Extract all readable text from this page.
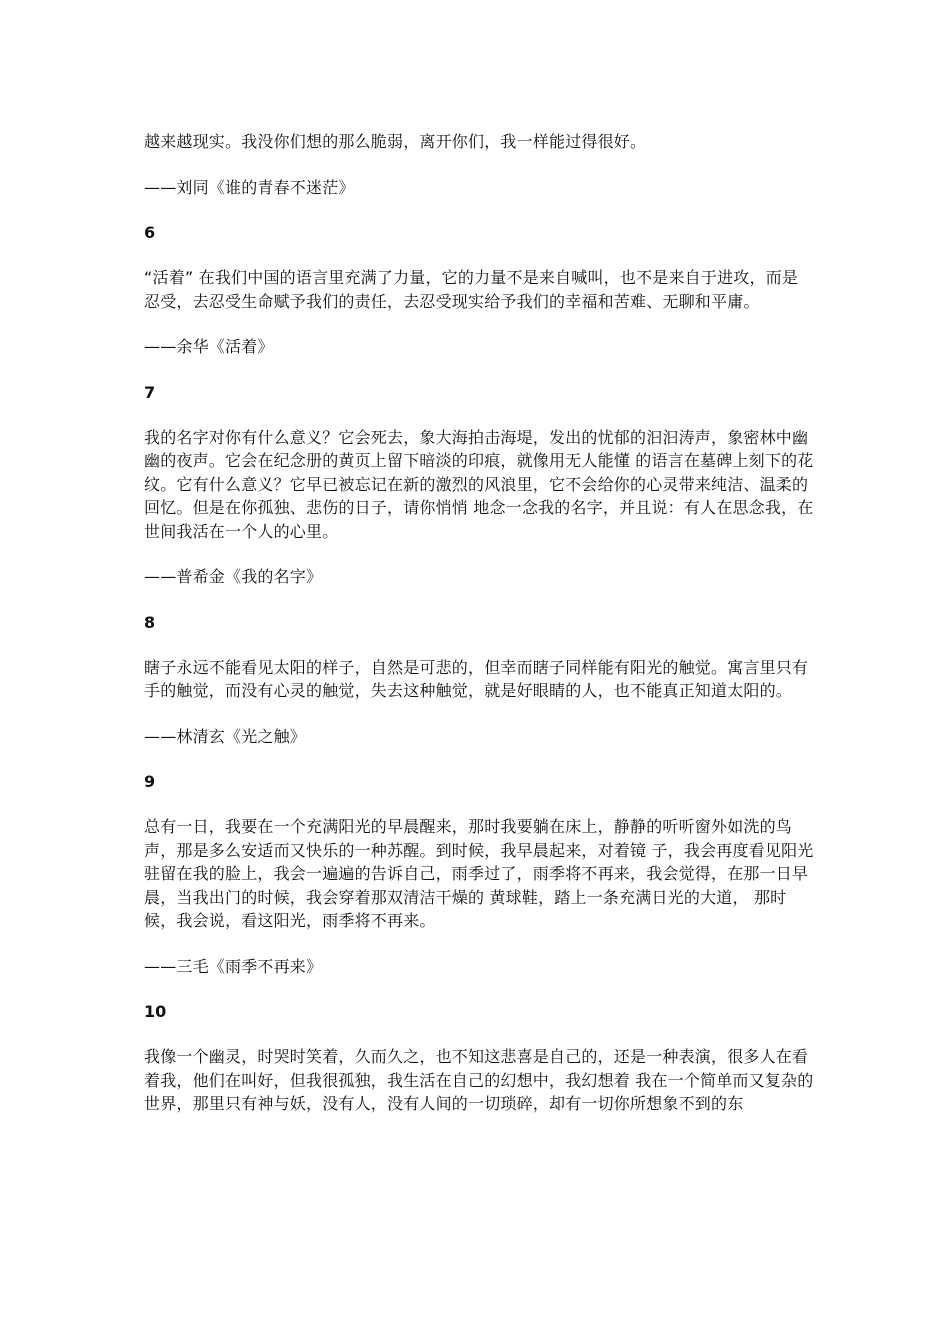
越来越现实。我没你们想的那么脆弱，离开你们，我一样能过得很好。

——刘同《谁的青春不迷茫》

6

“活着” 在我们中国的语言里充满了力量，它的力量不是来自喊叫，也不是来自于进攻，而是 忍受，去忍受生命赋予我们的责任，去忍受现实给予我们的幸福和苦难、无聊和平庸。

——余华《活着》

7

我的名字对你有什么意义？它会死去，象大海拍击海堤，发出的忧郁的汩汩涛声，象密林中幽幽的夜声。它会在纪念册的黄页上留下暗淡的印痕，就像用无人能懂 的语言在墓碑上刻下的花纹。它有什么意义？它早已被忘记在新的激烈的风浪里，它不会给你的心灵带来纯洁、温柔的回忆。但是在你孤独、悲伤的日子，请你悄悄 地念一念我的名字，并且说：有人在思念我，在世间我活在一个人的心里。

——普希金《我的名字》

8

瞎子永远不能看见太阳的样子，自然是可悲的，但幸而瞎子同样能有阳光的触觉。寓言里只有手的触觉，而没有心灵的触觉，失去这种触觉，就是好眼睛的人，也不能真正知道太阳的。

——林清玄《光之触》

9

总有一日，我要在一个充满阳光的早晨醒来，那时我要躺在床上，静静的听听窗外如洗的鸟声，那是多么安适而又快乐的一种苏醒。到时候，我早晨起来，对着镜 子，我会再度看见阳光驻留在我的脸上，我会一遍遍的告诉自己，雨季过了，雨季将不再来，我会觉得，在那一日早晨，当我出门的时候，我会穿着那双清洁干燥的 黄球鞋，踏上一条充满日光的大道， 那时候，我会说，看这阳光，雨季将不再来。

——三毛《雨季不再来》

10

我像一个幽灵，时哭时笑着，久而久之，也不知这悲喜是自己的，还是一种表演，很多人在看着我，他们在叫好，但我很孤独，我生活在自己的幻想中，我幻想着 我在一个简单而又复杂的世界，那里只有神与妖，没有人，没有人间的一切琐碎，却有一切你所想象不到的东
